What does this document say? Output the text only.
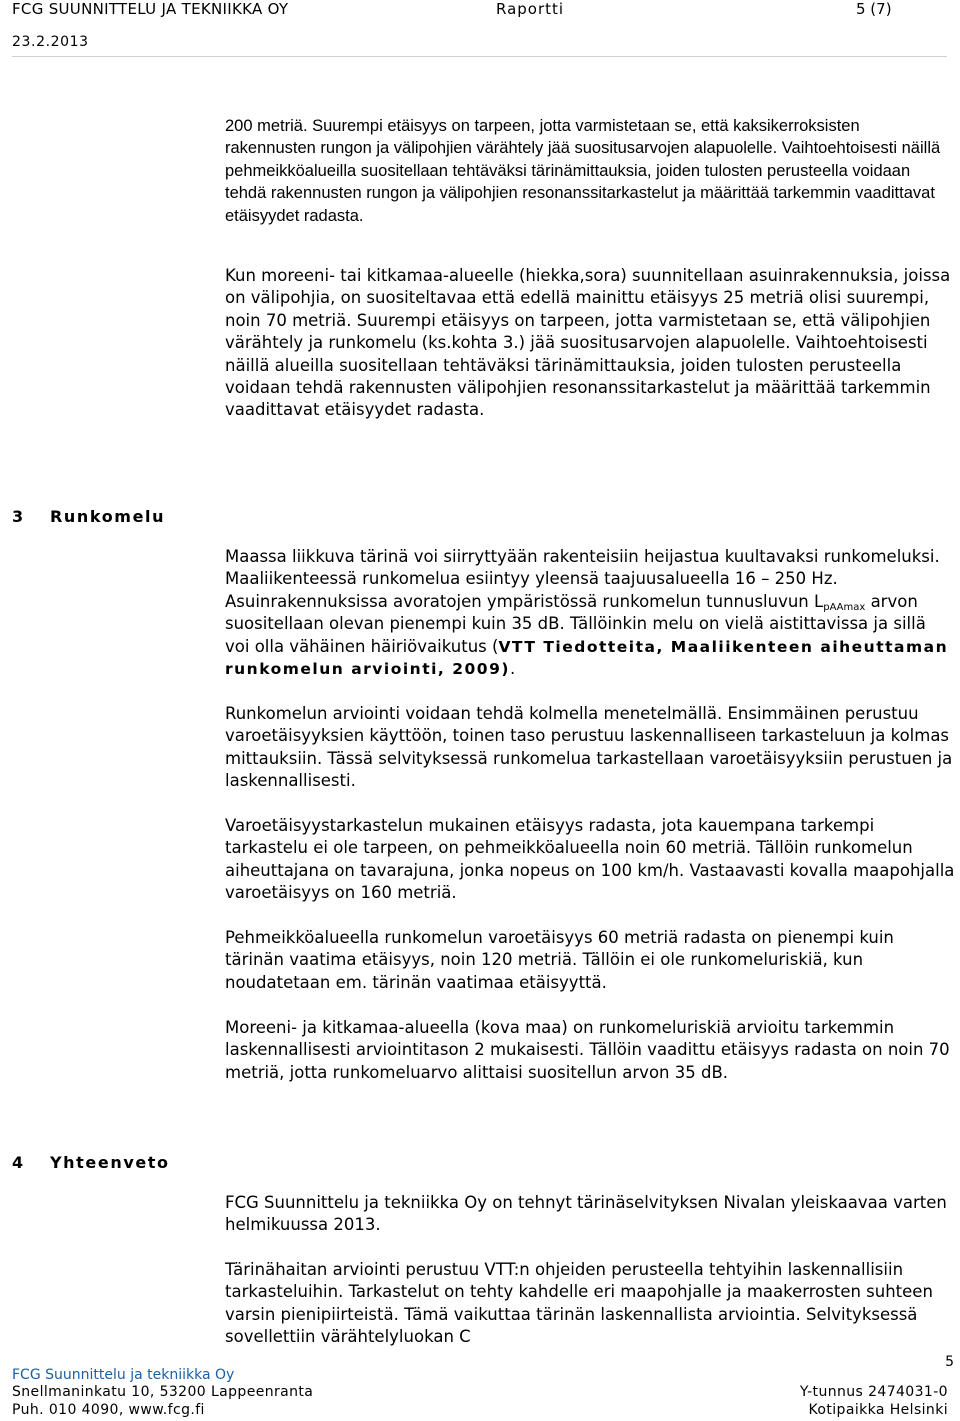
FCG SUUNNITTELU JA TEKNIIKKA OY	Raportti	5 (7)
23.2.2013

200 metriä. Suurempi etäisyys on tarpeen, jotta varmistetaan se, että kaksikerroksisten rakennusten rungon ja välipohjien värähtely jää suositusarvojen alapuolelle. Vaihtoehtoisesti näillä pehmeikköalueilla suositellaan tehtäväksi tärinämittauksia, joiden tulosten perusteella voidaan tehdä rakennusten rungon ja välipohjien resonanssitarkastelut ja määrittää tarkemmin vaadittavat etäisyydet radasta.

Kun moreeni- tai kitkamaa-alueelle (hiekka,sora) suunnitellaan asuinrakennuksia, joissa on välipohjia, on suositeltavaa että edellä mainittu etäisyys 25 metriä olisi suurempi, noin 70 metriä. Suurempi etäisyys on tarpeen, jotta varmistetaan se, että välipohjien värähtely ja runkomelu (ks.kohta 3.) jää suositusarvojen alapuolelle. Vaihtoehtoisesti näillä alueilla suositellaan tehtäväksi tärinämittauksia, joiden tulosten perusteella voidaan tehdä rakennusten välipohjien resonanssitarkastelut ja määrittää tarkemmin vaadittavat etäisyydet radasta.

3 Runkomelu

Maassa liikkuva tärinä voi siirryttyään rakenteisiin heijastua kuultavaksi runkomeluksi. Maaliikenteessä runkomelua esiintyy yleensä taajuusalueella 16 – 250 Hz. Asuinrakennuksissa avoratojen ympäristössä runkomelun tunnusluvun $L_{pAAmax}$ arvon suositellaan olevan pienempi kuin 35 dB. Tällöinkin melu on vielä aistittavissa ja sillä voi olla vähäinen häiriövaikutus (VTT Tiedotteita, Maaliikenteen aiheuttaman runkomelun arviointi, 2009).

Runkomelun arviointi voidaan tehdä kolmella menetelmällä. Ensimmäinen perustuu varoetäisyyksien käyttöön, toinen taso perustuu laskennalliseen tarkasteluun ja kolmas mittauksiin. Tässä selvityksessä runkomelua tarkastellaan varoetäisyyksiin perustuen ja laskennallisesti.

Varoetäisyystarkastelun mukainen etäisyys radasta, jota kauempana tarkempi tarkastelu ei ole tarpeen, on pehmeikköalueella noin 60 metriä. Tällöin runkomelun aiheuttajana on tavarajuna, jonka nopeus on 100 km/h. Vastaavasti kovalla maapohjalla varoetäisyys on 160 metriä.

Pehmeikköalueella runkomelun varoetäisyys 60 metriä radasta on pienempi kuin tärinän vaatima etäisyys, noin 120 metriä. Tällöin ei ole runkomeluriskiä, kun noudatetaan em. tärinän vaatimaa etäisyyttä.

Moreeni- ja kitkamaa-alueella (kova maa) on runkomeluriskiä arvioitu tarkemmin laskennallisesti arviointitason 2 mukaisesti. Tällöin vaadittu etäisyys radasta on noin 70 metriä, jotta runkomeluarvo alittaisi suositellun arvon 35 dB.

4 Yhteenveto

FCG Suunnittelu ja tekniikka Oy on tehnyt tärinäselvityksen Nivalan yleiskaavaa varten helmikuussa 2013.

Tärinähaitan arviointi perustuu VTT:n ohjeiden perusteella tehtyihin laskennallisiin tarkasteluihin. Tarkastelut on tehty kahdelle eri maapohjalle ja maakerrosten suhteen varsin pienipiirteistä. Tämä vaikuttaa tärinän laskennallista arviointia. Selvityksessä sovellettiin värähtelyluokan C

5
FCG Suunnittelu ja tekniikka Oy
Snellmaninkatu 10, 53200 Lappeenranta
Puh. 010 4090, www.fcg.fi
Y-tunnus 2474031-0
Kotipaikka Helsinki
